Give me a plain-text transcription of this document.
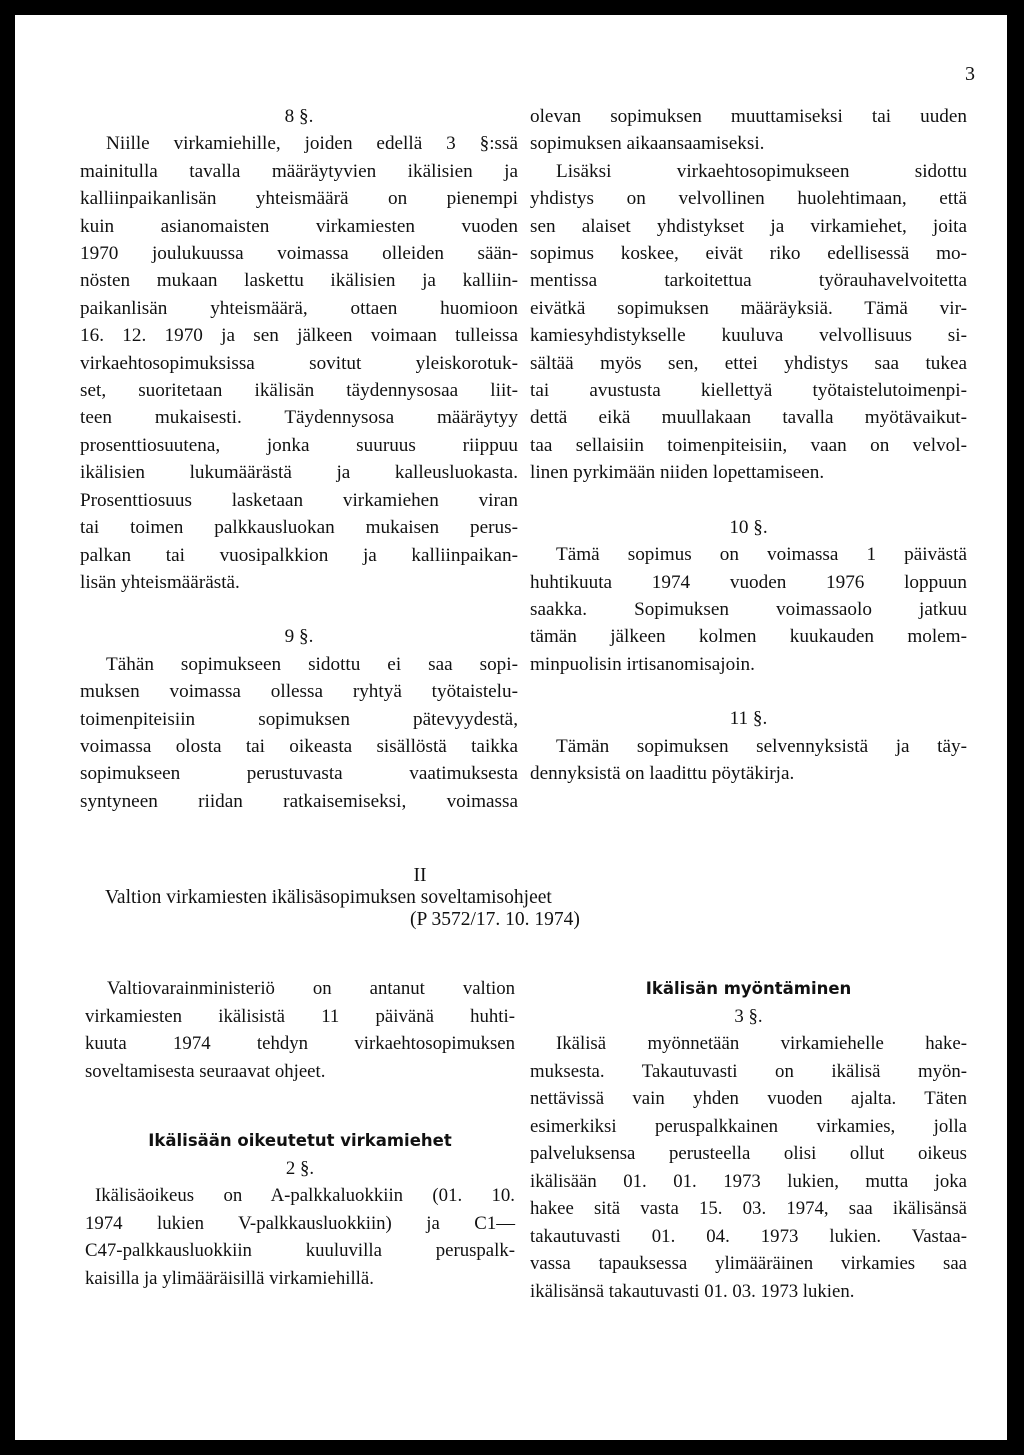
3

8 §.

Niille virkamiehille, joiden edellä 3 §:ssä
mainitulla tavalla määräytyvien ikälisien ja
kalliinpaikanlisän yhteismäärä on pienempi
kuin asianomaisten virkamiesten vuoden
1970 joulukuussa voimassa olleiden sään-
nösten mukaan laskettu ikälisien ja kalliin-
paikanlisän yhteismäärä, ottaen huomioon
16. 12. 1970 ja sen jälkeen voimaan tulleissa
virkaehtosopimuksissa sovitut yleiskorotuk-
set, suoritetaan ikälisän täydennysosaa liit-
teen mukaisesti. Täydennysosa määräytyy
prosenttiosuutena, jonka suuruus riippuu
ikälisien lukumäärästä ja kalleusluokasta.
Prosenttiosuus lasketaan virkamiehen viran
tai toimen palkkausluokan mukaisen perus-
palkan tai vuosipalkkion ja kalliinpaikan-
lisän yhteismäärästä.

9 §.

Tähän sopimukseen sidottu ei saa sopi-
muksen voimassa ollessa ryhtyä työtaistelu-
toimenpiteisiin sopimuksen pätevyydestä,
voimassa olosta tai oikeasta sisällöstä taikka
sopimukseen perustuvasta vaatimuksesta
syntyneen riidan ratkaisemiseksi, voimassa
olevan sopimuksen muuttamiseksi tai uuden
sopimuksen aikaansaamiseksi.
Lisäksi virkaehtosopimukseen sidottu
yhdistys on velvollinen huolehtimaan, että
sen alaiset yhdistykset ja virkamiehet, joita
sopimus koskee, eivät riko edellisessä mo-
mentissa tarkoitettua työrauhavelvoitetta
eivätkä sopimuksen määräyksiä. Tämä vir-
kamiesyhdistykselle kuuluva velvollisuus si-
sältää myös sen, ettei yhdistys saa tukea
tai avustusta kiellettyä työtaistelutoimenpi-
dettä eikä muullakaan tavalla myötävaikut-
taa sellaisiin toimenpiteisiin, vaan on velvol-
linen pyrkimään niiden lopettamiseen.

10 §.

Tämä sopimus on voimassa 1 päivästä
huhtikuuta 1974 vuoden 1976 loppuun
saakka. Sopimuksen voimassaolo jatkuu
tämän jälkeen kolmen kuukauden molem-
minpuolisin irtisanomisajoin.

11 §.

Tämän sopimuksen selvennyksistä ja täy-
dennyksistä on laadittu pöytäkirja.
II
Valtion virkamiesten ikälisäsopimuksen soveltamisohjeet
(P 3572/17. 10. 1974)
Valtiovarainministeriö on antanut valtion
virkamiesten ikälisistä 11 päivänä huhti-
kuuta 1974 tehdyn virkaehtosopimuksen
soveltamisesta seuraavat ohjeet.

Ikälisään oikeutetut virkamiehet

2 §.

Ikälisäoikeus on A-palkkaluokkiin (01. 10.
1974 lukien V-palkkausluokkiin) ja C1—
C47-palkkausluokkiin kuuluvilla peruspalk-
kaisilla ja ylimääräisillä virkamiehillä.

Ikälisän myöntäminen

3 §.

Ikälisä myönnetään virkamiehelle hake-
muksesta. Takautuvasti on ikälisä myön-
nettävissä vain yhden vuoden ajalta. Täten
esimerkiksi peruspalkkainen virkamies, jolla
palveluksensa perusteella olisi ollut oikeus
ikälisään 01. 01. 1973 lukien, mutta joka
hakee sitä vasta 15. 03. 1974, saa ikälisänsä
takautuvasti 01. 04. 1973 lukien. Vastaa-
vassa tapauksessa ylimääräinen virkamies saa
ikälisänsä takautuvasti 01. 03. 1973 lukien.
